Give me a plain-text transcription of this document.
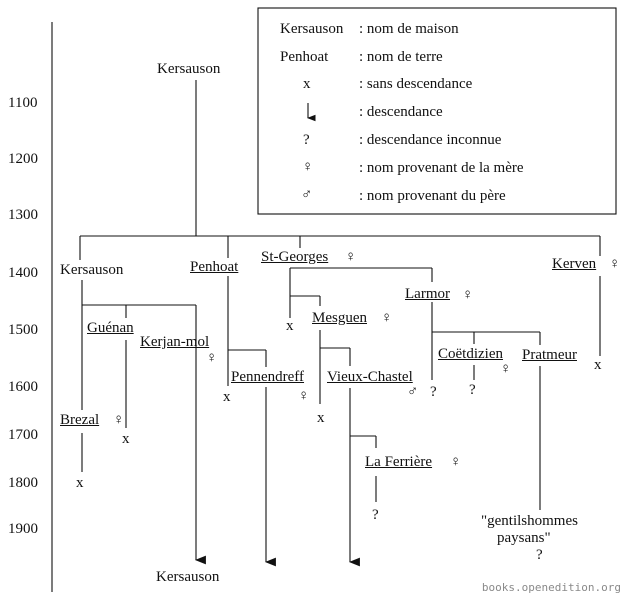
1100
1200
1300
1400
1500
1600
1700
1800
1900
Kersauson : nom de maison
Penhoat : nom de terre
x	: sans descendance
: descendance
?	: descendance inconnue
♀	: nom provenant de la mère
♂	: nom provenant du père
Kersauson
Kersauson	Penhoat
St-Georges ♀	Kerven ♀
Larmor ♀
Guénan
Mesguen ♀
x
Kerjan-mol
♀
Pennendreff
x
Vieux-Chastel
♀	♂ ?
Coëtdizien Pratmeur
♀
?
x
x
Brezal ♀
x
La Ferrière ♀
x
?	"gentilshommes
paysans"
?
Kersauson
books.openedition.org
